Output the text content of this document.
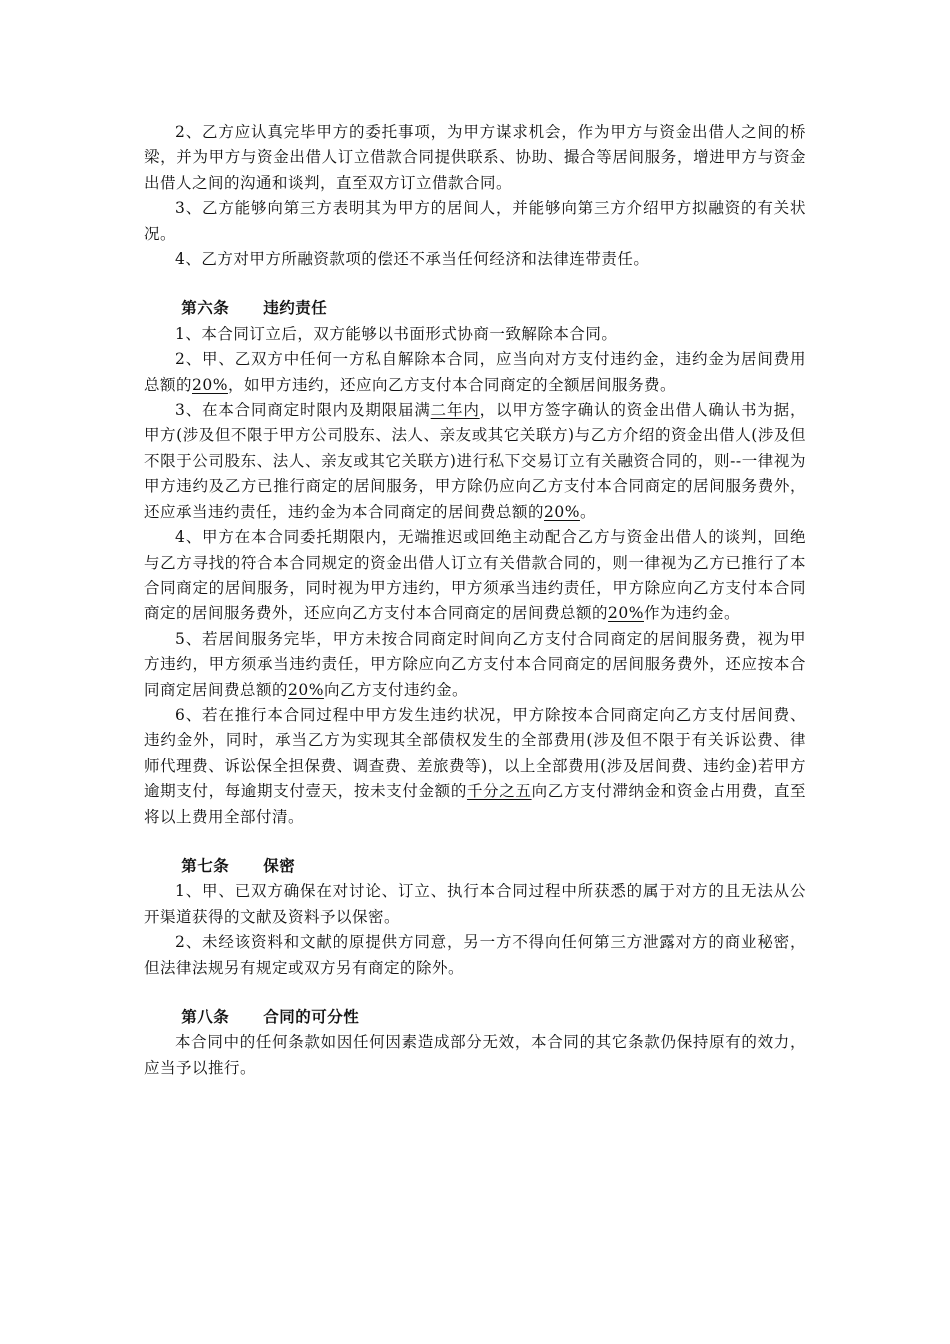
2、乙方应认真完毕甲方的委托事项，为甲方谋求机会，作为甲方与资金出借人之间的桥梁，并为甲方与资金出借人订立借款合同提供联系、协助、撮合等居间服务，增进甲方与资金出借人之间的沟通和谈判，直至双方订立借款合同。

3、乙方能够向第三方表明其为甲方的居间人，并能够向第三方介绍甲方拟融资的有关状况。

4、乙方对甲方所融资款项的偿还不承当任何经济和法律连带责任。

第六条 违约责任

1、本合同订立后，双方能够以书面形式协商一致解除本合同。

2、甲、乙双方中任何一方私自解除本合同，应当向对方支付违约金，违约金为居间费用总额的20%，如甲方违约，还应向乙方支付本合同商定的全额居间服务费。

3、在本合同商定时限内及期限届满二年内，以甲方签字确认的资金出借人确认书为据，甲方(涉及但不限于甲方公司股东、法人、亲友或其它关联方)与乙方介绍的资金出借人(涉及但不限于公司股东、法人、亲友或其它关联方)进行私下交易订立有关融资合同的，则--一律视为甲方违约及乙方已推行商定的居间服务，甲方除仍应向乙方支付本合同商定的居间服务费外，还应承当违约责任，违约金为本合同商定的居间费总额的20%。

4、甲方在本合同委托期限内，无端推迟或回绝主动配合乙方与资金出借人的谈判，回绝与乙方寻找的符合本合同规定的资金出借人订立有关借款合同的，则一律视为乙方已推行了本合同商定的居间服务，同时视为甲方违约，甲方须承当违约责任，甲方除应向乙方支付本合同商定的居间服务费外，还应向乙方支付本合同商定的居间费总额的20%作为违约金。

5、若居间服务完毕，甲方未按合同商定时间向乙方支付合同商定的居间服务费，视为甲方违约，甲方须承当违约责任，甲方除应向乙方支付本合同商定的居间服务费外，还应按本合同商定居间费总额的20%向乙方支付违约金。

6、若在推行本合同过程中甲方发生违约状况，甲方除按本合同商定向乙方支付居间费、违约金外，同时，承当乙方为实现其全部债权发生的全部费用(涉及但不限于有关诉讼费、律师代理费、诉讼保全担保费、调查费、差旅费等)，以上全部费用(涉及居间费、违约金)若甲方逾期支付，每逾期支付壹天，按未支付金额的千分之五向乙方支付滞纳金和资金占用费，直至将以上费用全部付清。

第七条 保密

1、甲、已双方确保在对讨论、订立、执行本合同过程中所获悉的属于对方的且无法从公开渠道获得的文献及资料予以保密。

2、未经该资料和文献的原提供方同意，另一方不得向任何第三方泄露对方的商业秘密，但法律法规另有规定或双方另有商定的除外。

第八条 合同的可分性

本合同中的任何条款如因任何因素造成部分无效，本合同的其它条款仍保持原有的效力，应当予以推行。
